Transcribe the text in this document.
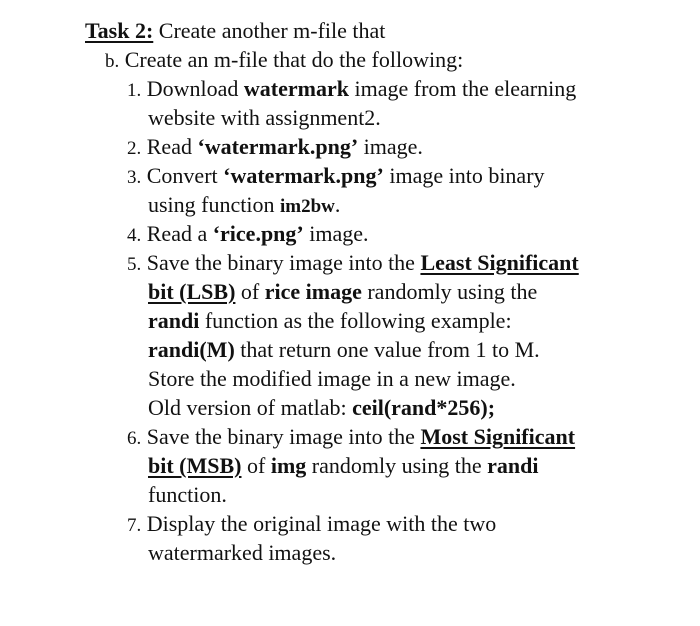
Task 2: Create another m-file that
b. Create an m-file that do the following:
1. Download watermark image from the elearning
website with assignment2.
2. Read ‘watermark.png’ image.
3. Convert ‘watermark.png’ image into binary
using function im2bw.
4. Read a ‘rice.png’ image.
5. Save the binary image into the Least Significant
bit (LSB) of rice image randomly using the
randi function as the following example:
randi(M) that return one value from 1 to M.
Store the modified image in a new image.
Old version of matlab: ceil(rand*256);
6. Save the binary image into the Most Significant
bit (MSB) of img randomly using the randi
function.
7. Display the original image with the two
watermarked images.
